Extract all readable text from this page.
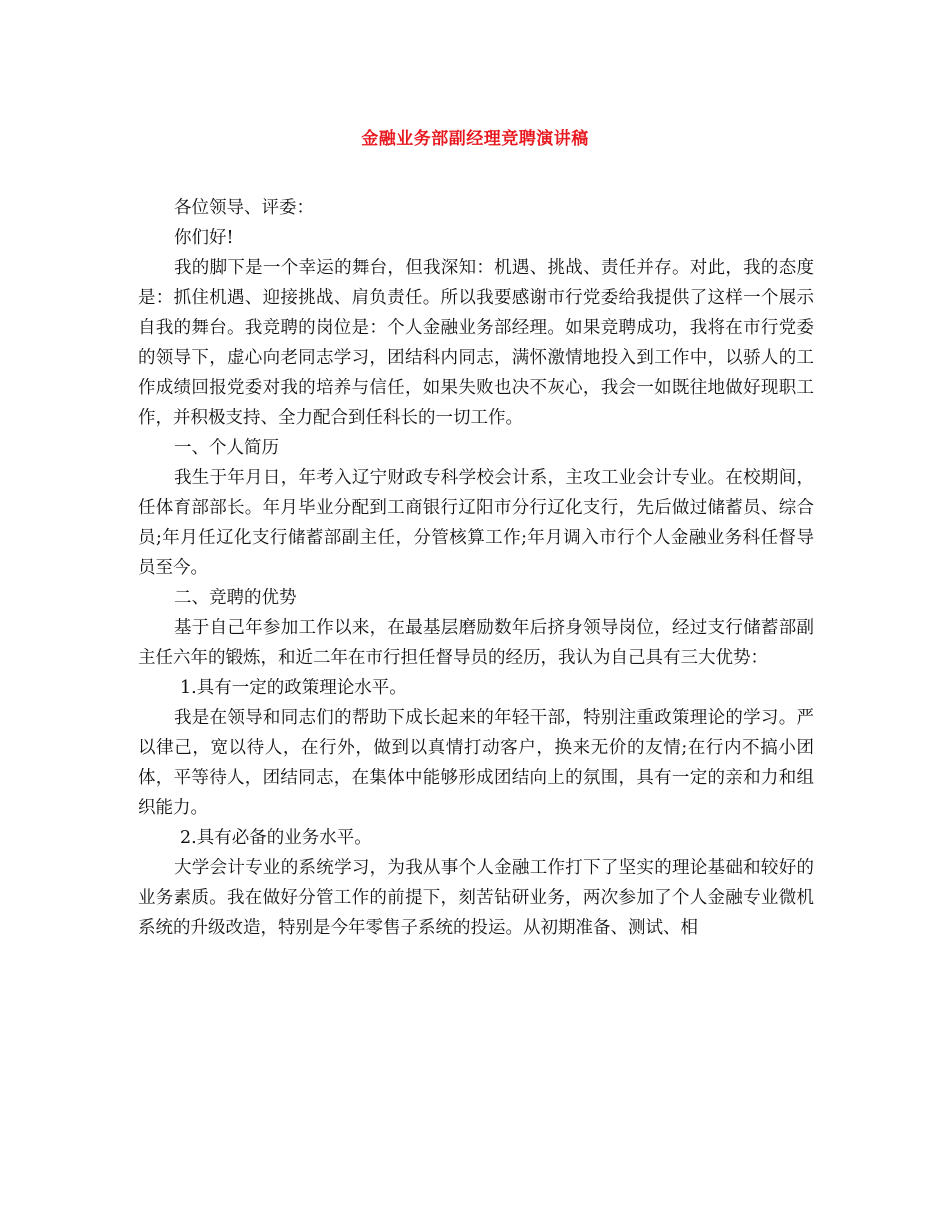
金融业务部副经理竞聘演讲稿

各位领导、评委：

你们好!

我的脚下是一个幸运的舞台，但我深知：机遇、挑战、责任并存。对此，我的态度是：抓住机遇、迎接挑战、肩负责任。所以我要感谢市行党委给我提供了这样一个展示自我的舞台。我竞聘的岗位是：个人金融业务部经理。如果竞聘成功，我将在市行党委的领导下，虚心向老同志学习，团结科内同志，满怀激情地投入到工作中，以骄人的工作成绩回报党委对我的培养与信任，如果失败也决不灰心，我会一如既往地做好现职工作，并积极支持、全力配合到任科长的一切工作。

一、个人简历

我生于年月日，年考入辽宁财政专科学校会计系，主攻工业会计专业。在校期间，任体育部部长。年月毕业分配到工商银行辽阳市分行辽化支行，先后做过储蓄员、综合员;年月任辽化支行储蓄部副主任，分管核算工作;年月调入市行个人金融业务科任督导员至今。

二、竞聘的优势

基于自己年参加工作以来，在最基层磨励数年后挤身领导岗位，经过支行储蓄部副主任六年的锻炼，和近二年在市行担任督导员的经历，我认为自己具有三大优势：

1.具有一定的政策理论水平。

我是在领导和同志们的帮助下成长起来的年轻干部，特别注重政策理论的学习。严以律己，宽以待人，在行外，做到以真情打动客户，换来无价的友情;在行内不搞小团体，平等待人，团结同志，在集体中能够形成团结向上的氛围，具有一定的亲和力和组织能力。

2.具有必备的业务水平。

大学会计专业的系统学习，为我从事个人金融工作打下了坚实的理论基础和较好的业务素质。我在做好分管工作的前提下，刻苦钻研业务，两次参加了个人金融专业微机系统的升级改造，特别是今年零售子系统的投运。从初期准备、测试、相
